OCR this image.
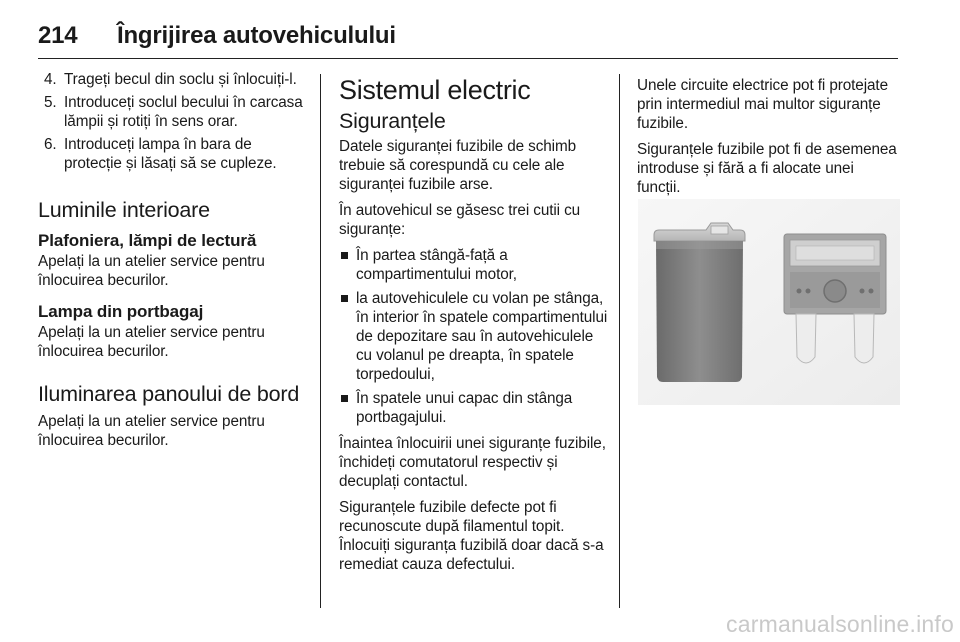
214 Îngrijirea autovehiculului
4. Trageți becul din soclu și înlocuiți-l.
5. Introduceți soclul becului în carcasa lămpii și rotiți în sens orar.
6. Introduceți lampa în bara de protecție și lăsați să se cupleze.
Luminile interioare
Plafoniera, lămpi de lectură

Apelați la un atelier service pentru înlocuirea becurilor.

Lampa din portbagaj

Apelați la un atelier service pentru înlocuirea becurilor.

Iluminarea panoului de bord

Apelați la un atelier service pentru înlocuirea becurilor.

Sistemul electric
Siguranțele

Datele siguranței fuzibile de schimb trebuie să corespundă cu cele ale siguranței fuzibile arse.

În autovehicul se găsesc trei cutii cu siguranțe:

În partea stângă-față a compartimentului motor,
la autovehiculele cu volan pe stânga, în interior în spatele compartimentului de depozitare sau în autovehiculele cu volanul pe dreapta, în spatele torpedoului,
În spatele unui capac din stânga portbagajului.

Înaintea înlocuirii unei siguranțe fuzibile, închideți comutatorul respectiv și decuplați contactul.

Siguranțele fuzibile defecte pot fi recunoscute după filamentul topit. Înlocuiți siguranța fuzibilă doar dacă s-a remediat cauza defectului.

Unele circuite electrice pot fi protejate prin intermediul mai multor siguranțe fuzibile.

Siguranțele fuzibile pot fi de asemenea introduse și fără a fi alocate unei funcții.

carmanualsonline.info
